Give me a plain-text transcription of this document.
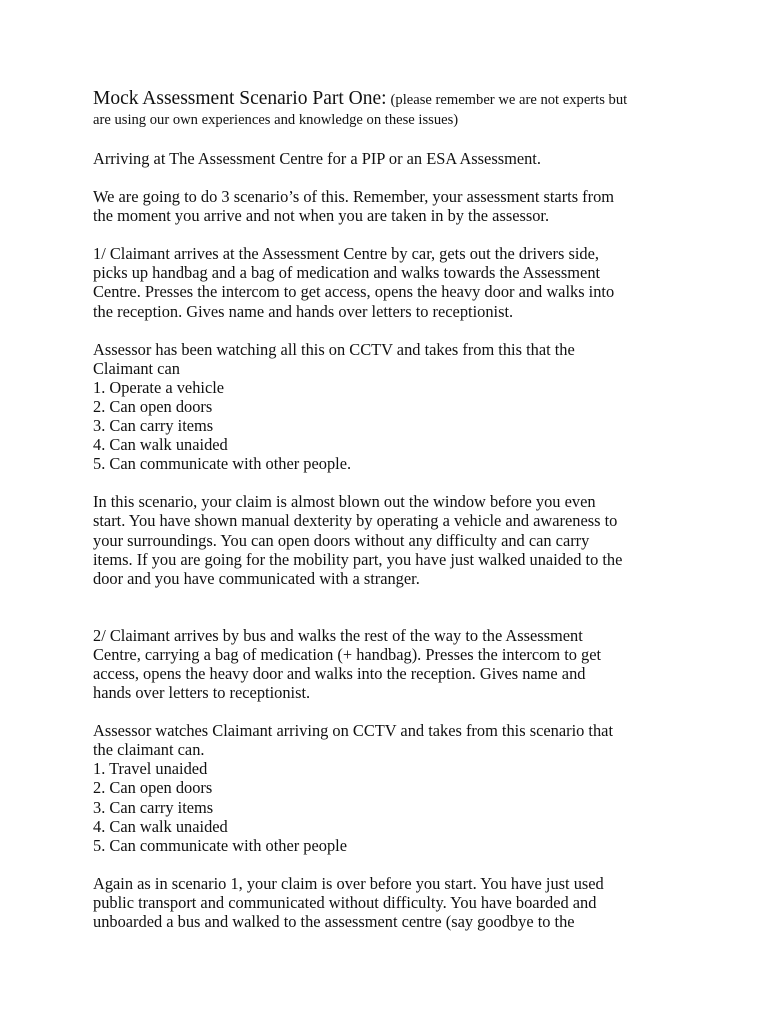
Mock Assessment Scenario Part One: (please remember we are not experts but
are using our own experiences and knowledge on these issues)
Arriving at The Assessment Centre for a PIP or an ESA Assessment.
We are going to do 3 scenario’s of this. Remember, your assessment starts from
the moment you arrive and not when you are taken in by the assessor.
1/ Claimant arrives at the Assessment Centre by car, gets out the drivers side,
picks up handbag and a bag of medication and walks towards the Assessment
Centre. Presses the intercom to get access, opens the heavy door and walks into
the reception. Gives name and hands over letters to receptionist.
Assessor has been watching all this on CCTV and takes from this that the
Claimant can
1. Operate a vehicle
2. Can open doors
3. Can carry items
4. Can walk unaided
5. Can communicate with other people.
In this scenario, your claim is almost blown out the window before you even
start. You have shown manual dexterity by operating a vehicle and awareness to
your surroundings. You can open doors without any difficulty and can carry
items. If you are going for the mobility part, you have just walked unaided to the
door and you have communicated with a stranger.
2/ Claimant arrives by bus and walks the rest of the way to the Assessment
Centre, carrying a bag of medication (+ handbag). Presses the intercom to get
access, opens the heavy door and walks into the reception. Gives name and
hands over letters to receptionist.
Assessor watches Claimant arriving on CCTV and takes from this scenario that
the claimant can.
1. Travel unaided
2. Can open doors
3. Can carry items
4. Can walk unaided
5. Can communicate with other people
Again as in scenario 1, your claim is over before you start. You have just used
public transport and communicated without difficulty. You have boarded and
unboarded a bus and walked to the assessment centre (say goodbye to the
